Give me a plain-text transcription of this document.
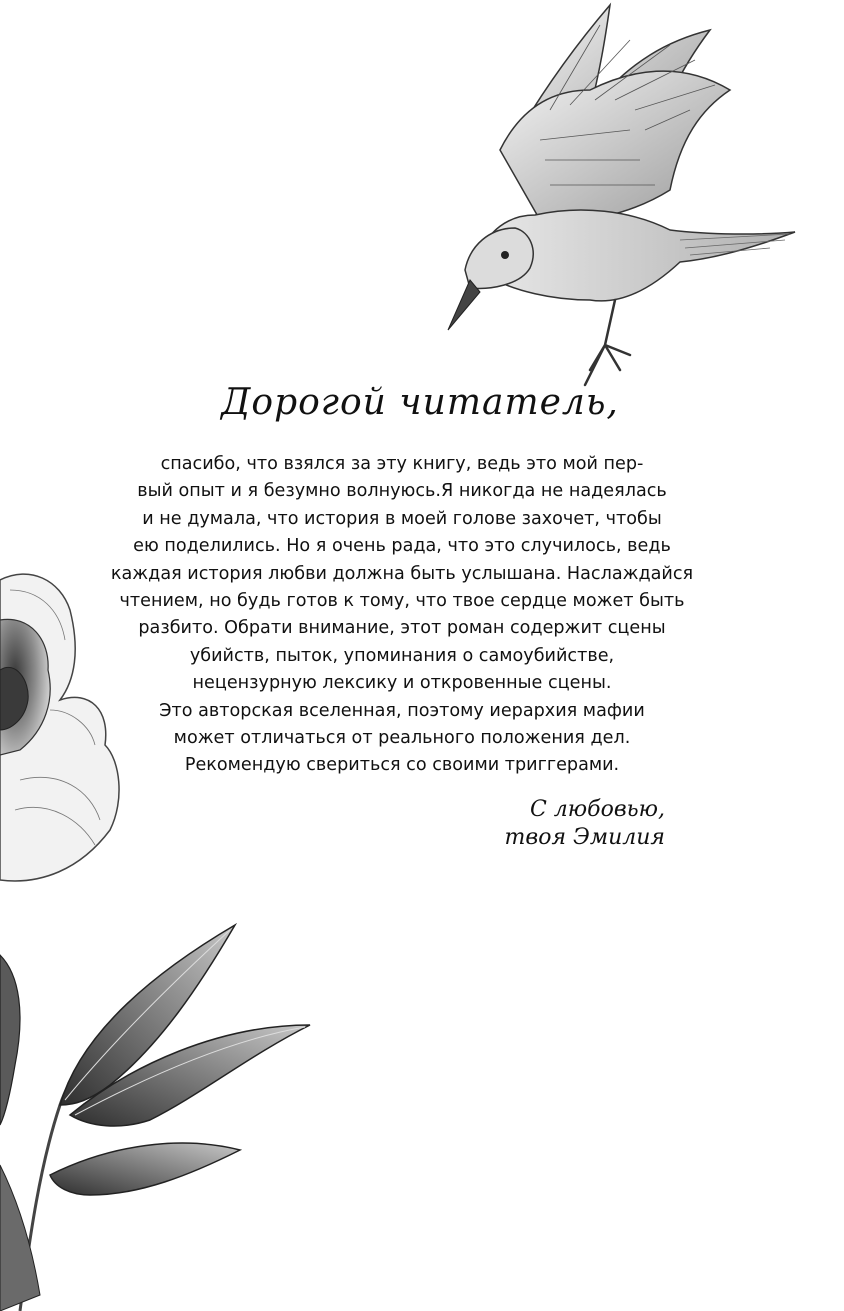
Дорогой читатель,
спасибо, что взялся за эту книгу, ведь это мой пер-
вый опыт и я безумно волнуюсь.Я никогда не надеялась
и не думала, что история в моей голове захочет, чтобы
ею поделились. Но я очень рада, что это случилось, ведь
каждая история любви должна быть услышана. Наслаждайся
чтением, но будь готов к тому, что твое сердце может быть
разбито. Обрати внимание, этот роман содержит сцены
убийств, пыток, упоминания о самоубийстве,
нецензурную лексику и откровенные сцены.
Это авторская вселенная, поэтому иерархия мафии
может отличаться от реального положения дел.
Рекомендую свериться со своими триггерами.
С любовью,
твоя Эмилия
